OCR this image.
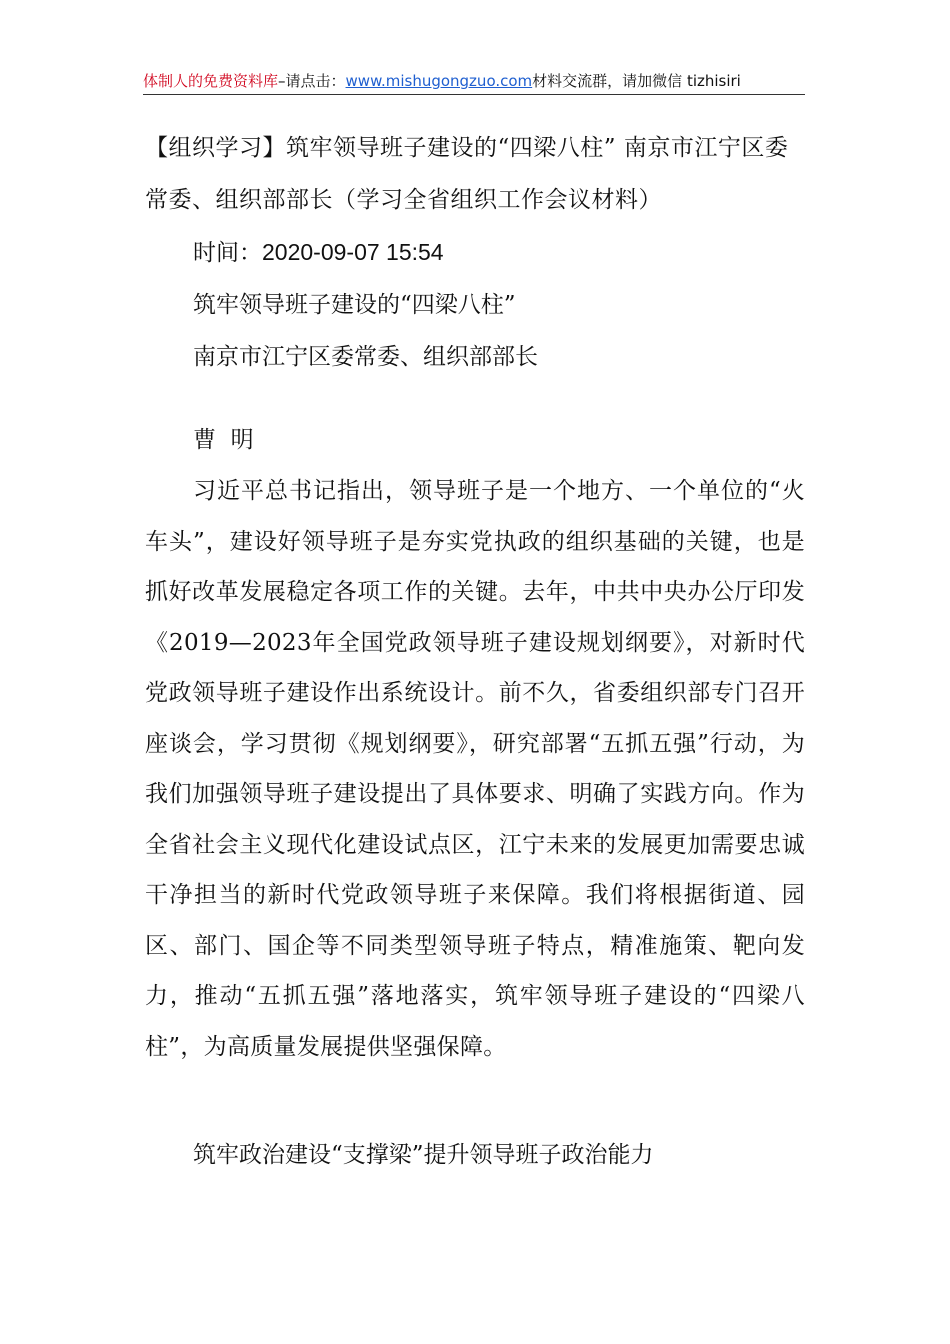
体制人的免费资料库–请点击：www.mishugongzuo.com材料交流群，请加微信 tizhisiri

【组织学习】筑牢领导班子建设的“四梁八柱” 南京市江宁区委常委、组织部部长（学习全省组织工作会议材料）

时间：2020-09-07 15:54

筑牢领导班子建设的“四梁八柱”

南京市江宁区委常委、组织部部长

曹  明

习近平总书记指出，领导班子是一个地方、一个单位的“火车头”，建设好领导班子是夯实党执政的组织基础的关键，也是抓好改革发展稳定各项工作的关键。去年，中共中央办公厅印发《2019—2023年全国党政领导班子建设规划纲要》，对新时代党政领导班子建设作出系统设计。前不久，省委组织部专门召开座谈会，学习贯彻《规划纲要》，研究部署“五抓五强”行动，为我们加强领导班子建设提出了具体要求、明确了实践方向。作为全省社会主义现代化建设试点区，江宁未来的发展更加需要忠诚干净担当的新时代党政领导班子来保障。我们将根据街道、园区、部门、国企等不同类型领导班子特点，精准施策、靶向发力，推动“五抓五强”落地落实，筑牢领导班子建设的“四梁八柱”，为高质量发展提供坚强保障。

筑牢政治建设“支撑梁”提升领导班子政治能力
